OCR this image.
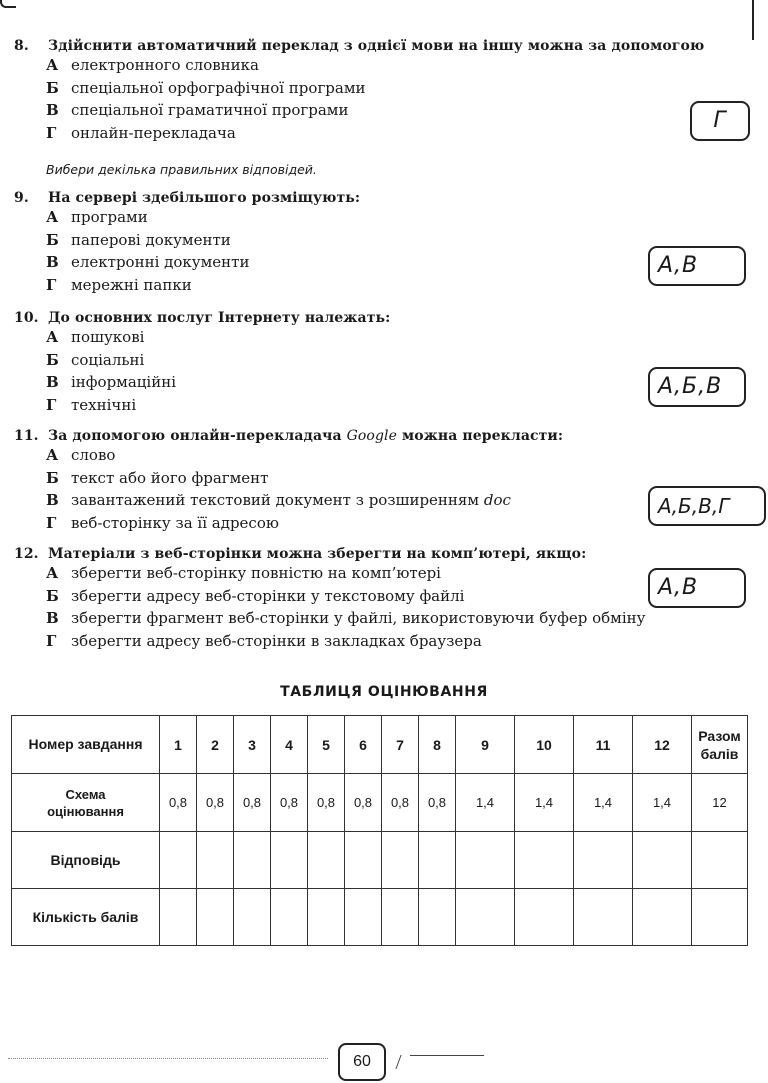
8. Здійснити автоматичний переклад з однієї мови на іншу можна за допомогою
А електронного словника
Б спеціальної орфографічної програми
В спеціальної граматичної програми
Г онлайн-перекладача	Г
Вибери декілька правильних відповідей.
9. На сервері здебільшого розміщують:
А програми
Б паперові документи
В електронні документи
Г мережні папки
А,В
10. До основних послуг Інтернету належать:
А пошукові
Б соціальні
В інформаційні
Г технічні
А,Б,В
11. За допомогою онлайн-перекладача Google можна перекласти:
А слово
Б текст або його фрагмент
В завантажений текстовий документ з розширенням doc
Г веб-сторінку за її адресою
А,Б,В,Г
12. Матеріали з веб-сторінки можна зберегти на комп’ютері, якщо:
А зберегти веб-сторінку повністю на комп’ютері
Б зберегти адресу веб-сторінки у текстовому файлі
В зберегти фрагмент веб-сторінки у файлі, використовуючи буфер обміну
Г зберегти адресу веб-сторінки в закладках браузера
А,В
ТАБЛИЦЯ ОЦІНЮВАННЯ
Номер завдання	1	2	3	4	5	6	7	8	9	10	11	12	Разом
балів
Схема
оцінювання	0,8	0,8	0,8	0,8	0,8	0,8	0,8	0,8	1,4	1,4	1,4	1,4	12
Відповідь													
Кількість балів													
60
